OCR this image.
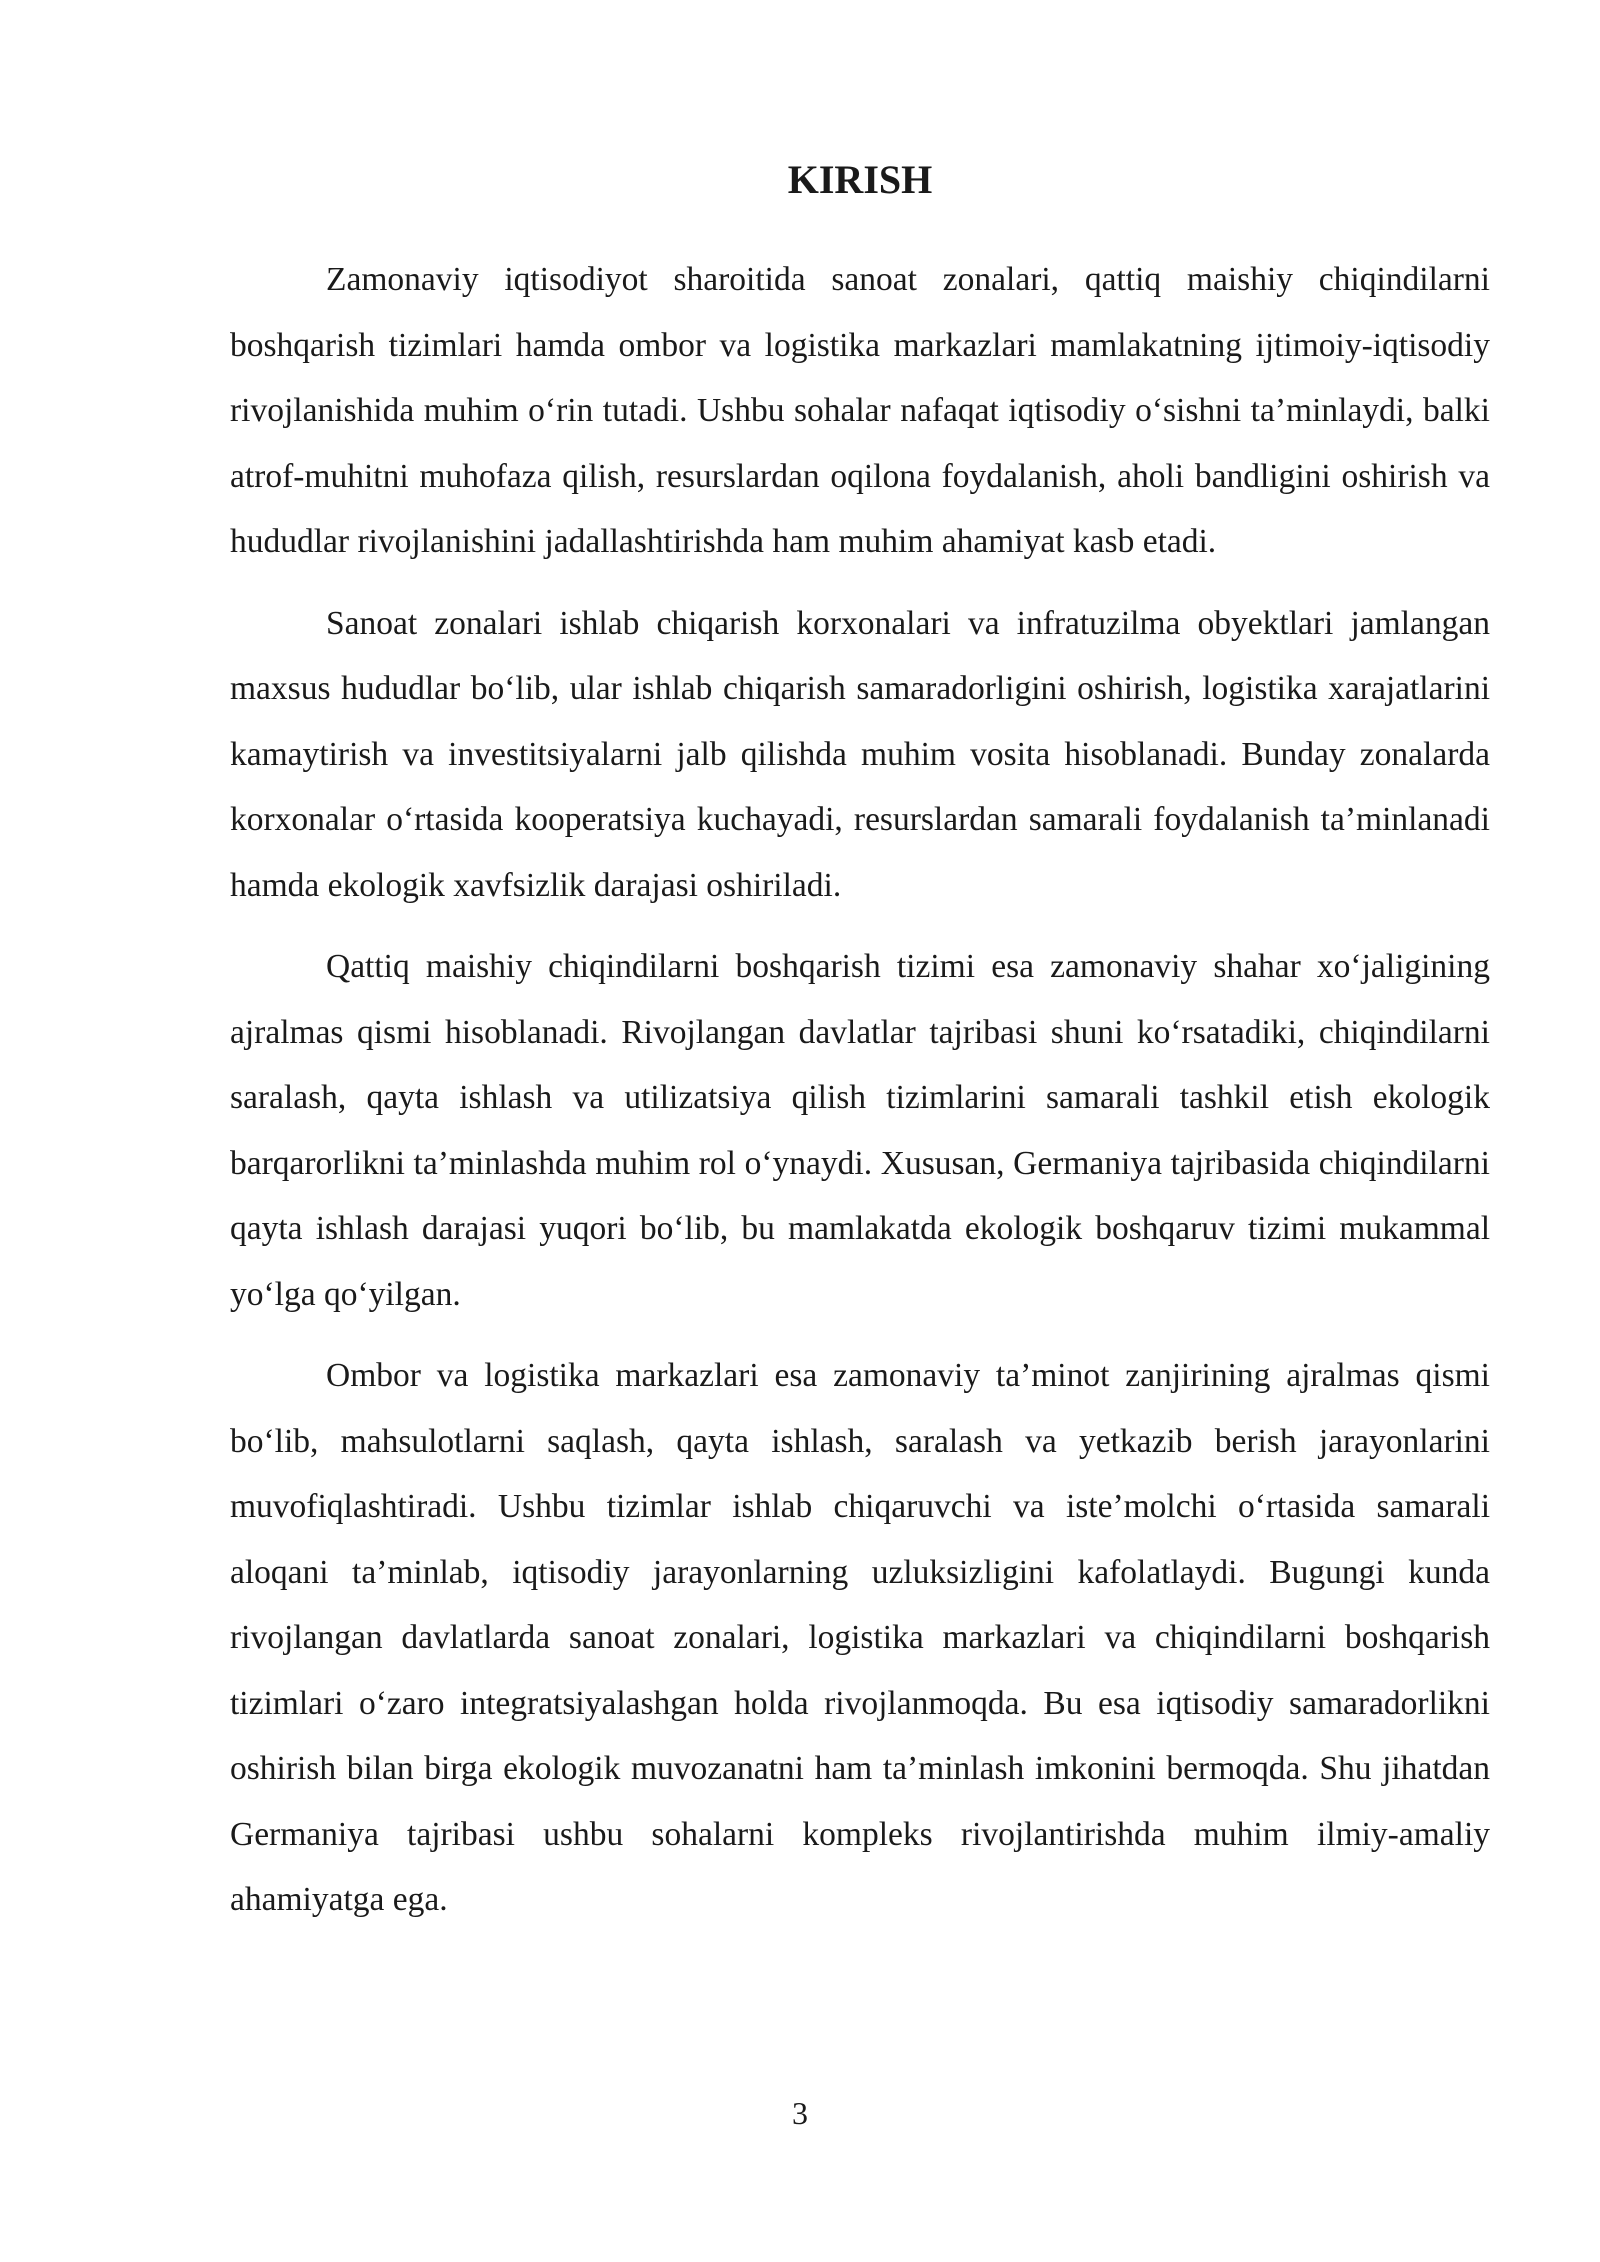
KIRISH

Zamonaviy iqtisodiyot sharoitida sanoat zonalari, qattiq maishiy chiqindilarni boshqarish tizimlari hamda ombor va logistika markazlari mamlakatning ijtimoiy-iqtisodiy rivojlanishida muhim o‘rin tutadi. Ushbu sohalar nafaqat iqtisodiy o‘sishni ta’minlaydi, balki atrof-muhitni muhofaza qilish, resurslardan oqilona foydalanish, aholi bandligini oshirish va hududlar rivojlanishini jadallashtirishda ham muhim ahamiyat kasb etadi.

Sanoat zonalari ishlab chiqarish korxonalari va infratuzilma obyektlari jamlangan maxsus hududlar bo‘lib, ular ishlab chiqarish samaradorligini oshirish, logistika xarajatlarini kamaytirish va investitsiyalarni jalb qilishda muhim vosita hisoblanadi. Bunday zonalarda korxonalar o‘rtasida kooperatsiya kuchayadi, resurslardan samarali foydalanish ta’minlanadi hamda ekologik xavfsizlik darajasi oshiriladi.

Qattiq maishiy chiqindilarni boshqarish tizimi esa zamonaviy shahar xo‘jaligining ajralmas qismi hisoblanadi. Rivojlangan davlatlar tajribasi shuni ko‘rsatadiki, chiqindilarni saralash, qayta ishlash va utilizatsiya qilish tizimlarini samarali tashkil etish ekologik barqarorlikni ta’minlashda muhim rol o‘ynaydi. Xususan, Germaniya tajribasida chiqindilarni qayta ishlash darajasi yuqori bo‘lib, bu mamlakatda ekologik boshqaruv tizimi mukammal yo‘lga qo‘yilgan.

Ombor va logistika markazlari esa zamonaviy ta’minot zanjirining ajralmas qismi bo‘lib, mahsulotlarni saqlash, qayta ishlash, saralash va yetkazib berish jarayonlarini muvofiqlashtiradi. Ushbu tizimlar ishlab chiqaruvchi va iste’molchi o‘rtasida samarali aloqani ta’minlab, iqtisodiy jarayonlarning uzluksizligini kafolatlaydi. Bugungi kunda rivojlangan davlatlarda sanoat zonalari, logistika markazlari va chiqindilarni boshqarish tizimlari o‘zaro integratsiyalashgan holda rivojlanmoqda. Bu esa iqtisodiy samaradorlikni oshirish bilan birga ekologik muvozanatni ham ta’minlash imkonini bermoqda. Shu jihatdan Germaniya tajribasi ushbu sohalarni kompleks rivojlantirishda muhim ilmiy-amaliy ahamiyatga ega.

3
